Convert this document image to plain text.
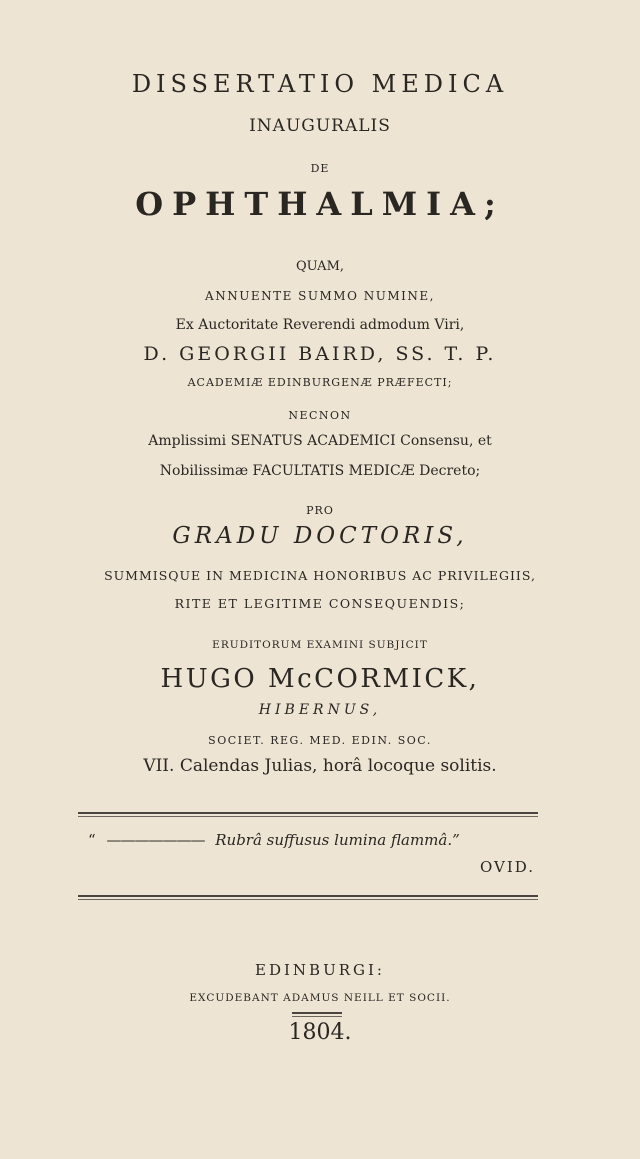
DISSERTATIO MEDICA
INAUGURALIS
DE
OPHTHALMIA;
QUAM,
ANNUENTE SUMMO NUMINE,
Ex Auctoritate Reverendi admodum Viri,
D. GEORGII BAIRD, SS. T. P.
ACADEMIÆ EDINBURGENÆ PRÆFECTI;
NECNON
Amplissimi SENATUS ACADEMICI Consensu, et
Nobilissimæ FACULTATIS MEDICÆ Decreto;
PRO
GRADU DOCTORIS,
SUMMISQUE IN MEDICINA HONORIBUS AC PRIVILEGIIS,
RITE ET LEGITIME CONSEQUENDIS;
ERUDITORUM EXAMINI SUBJICIT
HUGO McCORMICK,
HIBERNUS,
SOCIET. REG. MED. EDIN. SOC.
VII. Calendas Julias, horâ locoque solitis.
“ ——————— Rubrâ suffusus lumina flammâ.”
OVID.
EDINBURGI:
EXCUDEBANT ADAMUS NEILL ET SOCII.
1804.
